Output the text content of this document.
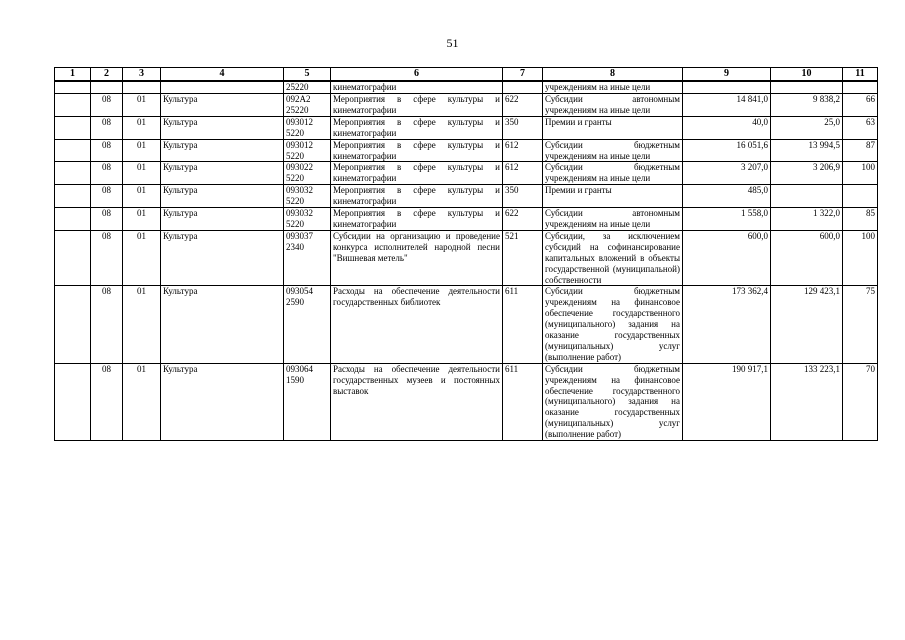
51
1	2	3	4	5	6	7	8	9	10	11
				25220	кинематографии		учреждениям на иные цели			
	08	01	Культура	092A2 25220	Мероприятия в сфере культуры и кинематографии	622	Субсидии автономным учреждениям на иные цели	14 841,0	9 838,2	66
	08	01	Культура	093012 5220	Мероприятия в сфере культуры и кинематографии	350	Премии и гранты	40,0	25,0	63
	08	01	Культура	093012 5220	Мероприятия в сфере культуры и кинематографии	612	Субсидии бюджетным учреждениям на иные цели	16 051,6	13 994,5	87
	08	01	Культура	093022 5220	Мероприятия в сфере культуры и кинематографии	612	Субсидии бюджетным учреждениям на иные цели	3 207,0	3 206,9	100
	08	01	Культура	093032 5220	Мероприятия в сфере культуры и кинематографии	350	Премии и гранты	485,0		
	08	01	Культура	093032 5220	Мероприятия в сфере культуры и кинематографии	622	Субсидии автономным учреждениям на иные цели	1 558,0	1 322,0	85
	08	01	Культура	093037 2340	Субсидии на организацию и проведение конкурса исполнителей народной песни "Вишневая метель"	521	Субсидии, за исключением субсидий на софинансирование капитальных вложений в объекты государственной (муниципальной) собственности	600,0	600,0	100
	08	01	Культура	093054 2590	Расходы на обеспечение деятельности государственных библиотек	611	Субсидии бюджетным учреждениям на финансовое обеспечение государственного (муниципального) задания на оказание государственных (муниципальных) услуг (выполнение работ)	173 362,4	129 423,1	75
	08	01	Культура	093064 1590	Расходы на обеспечение деятельности государственных музеев и постоянных выставок	611	Субсидии бюджетным учреждениям на финансовое обеспечение государственного (муниципального) задания на оказание государственных (муниципальных) услуг (выполнение работ)	190 917,1	133 223,1	70
